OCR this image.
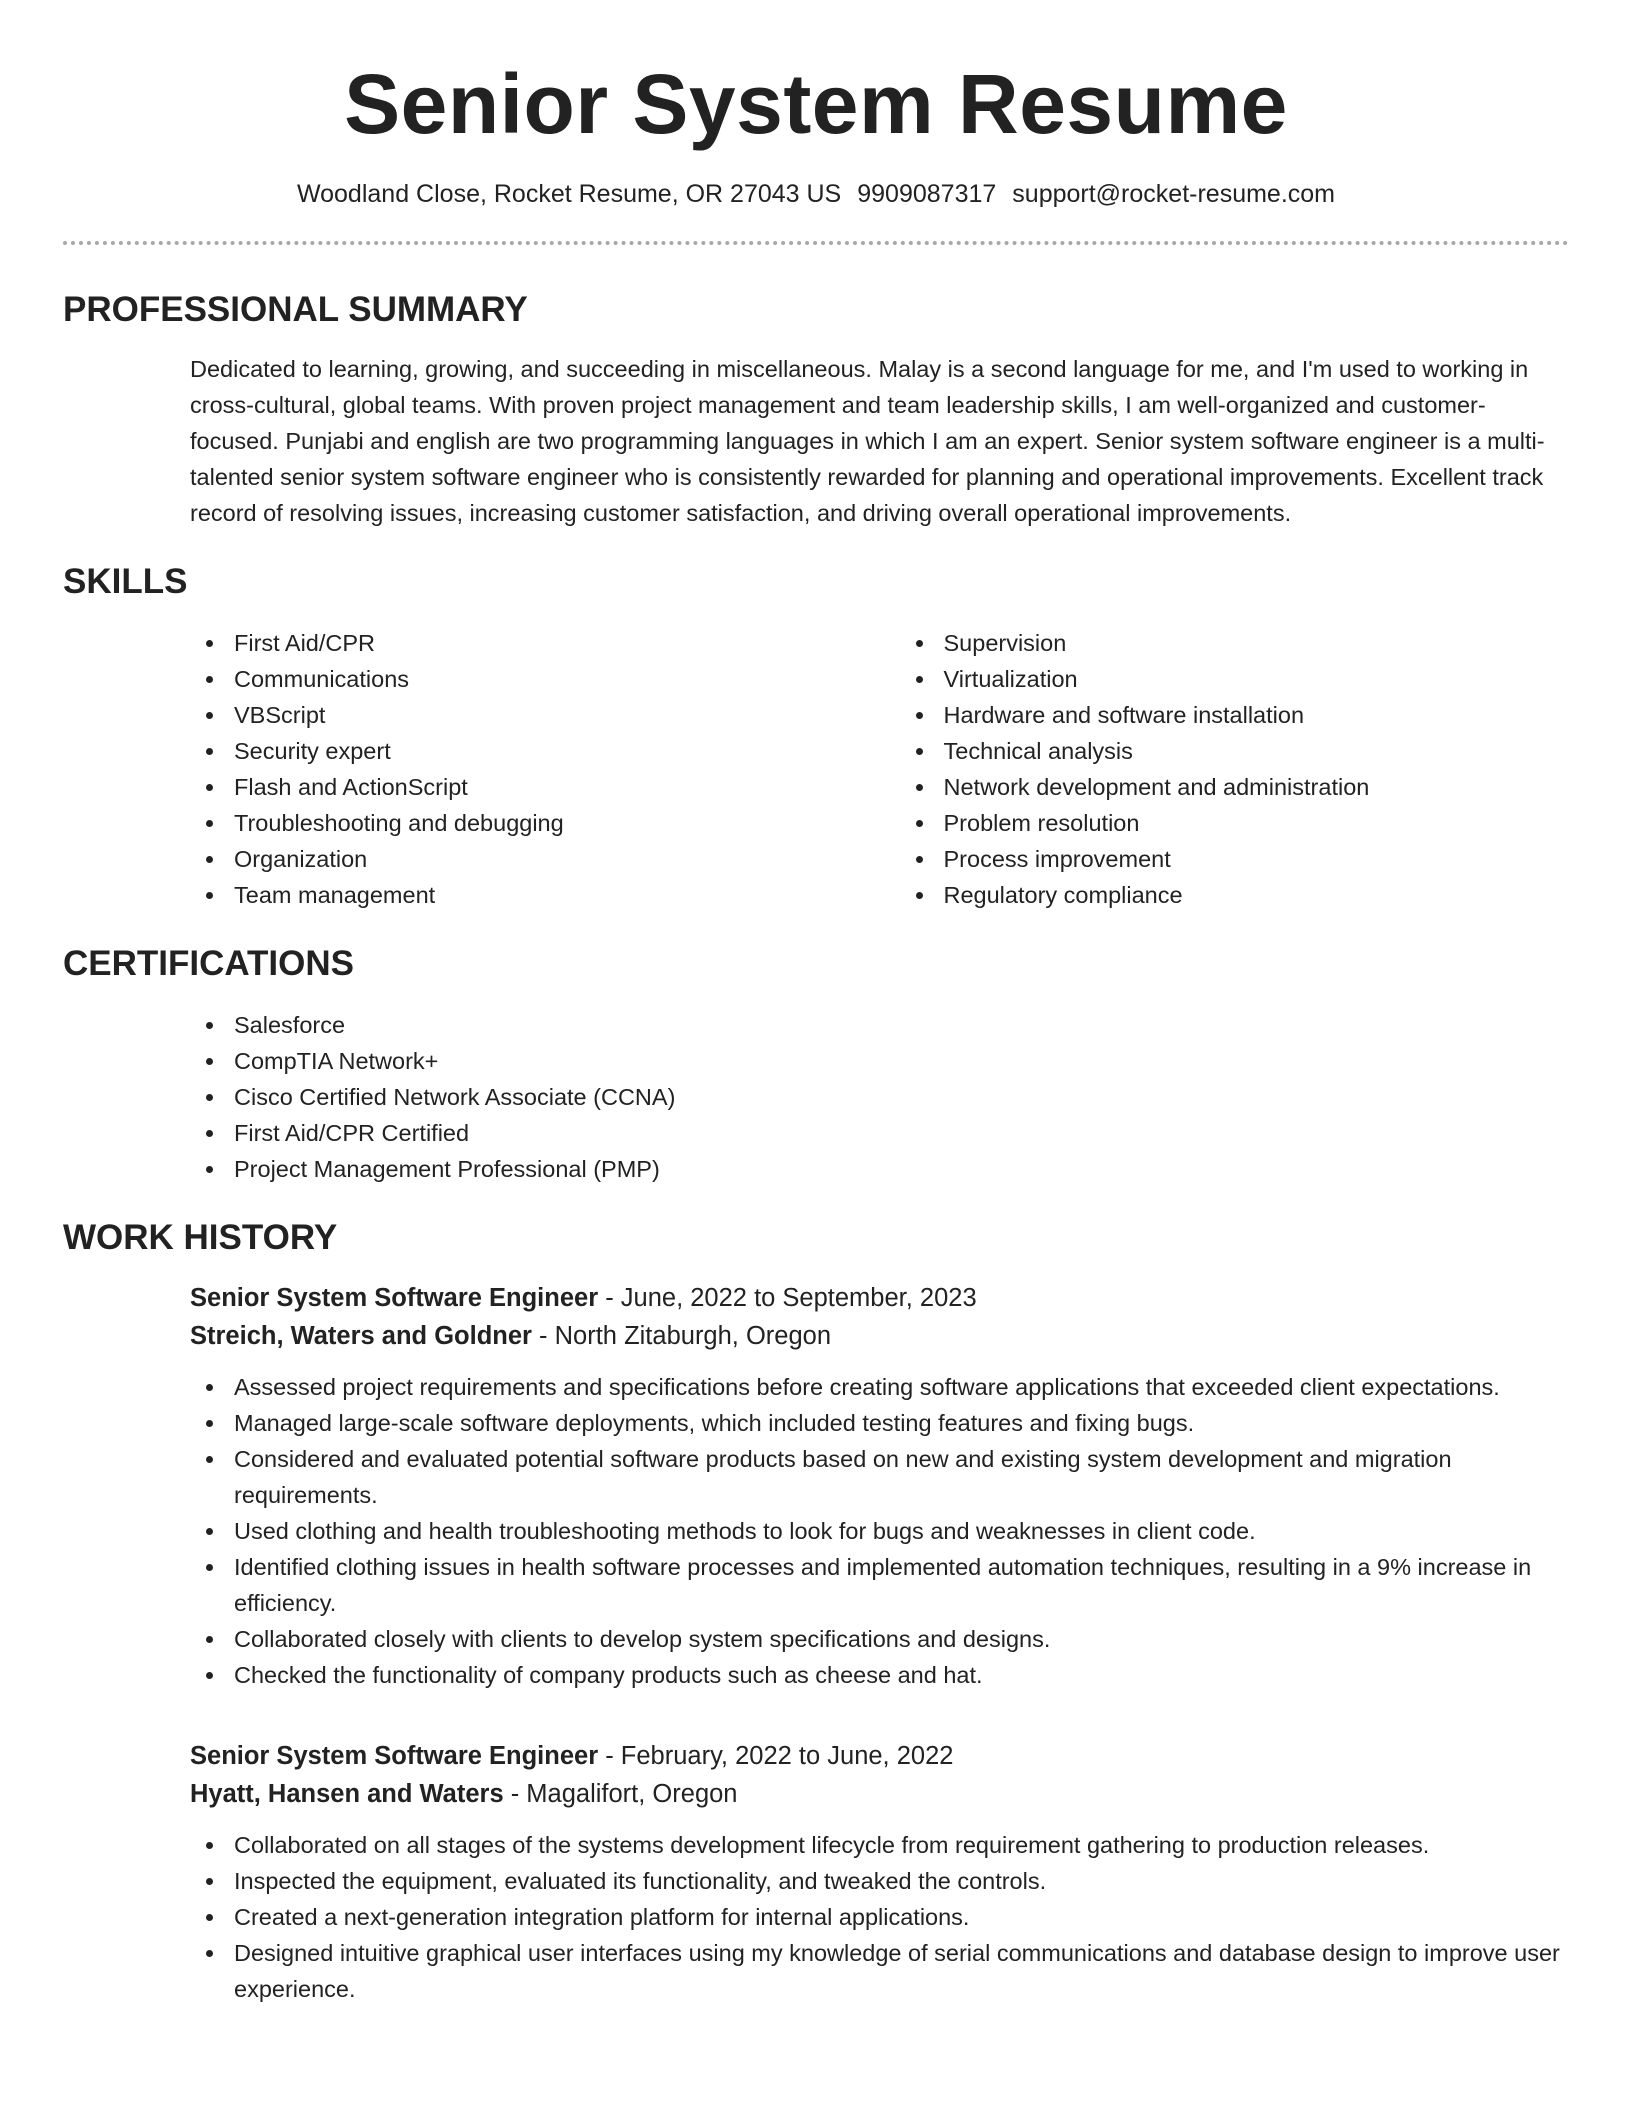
Senior System Resume
Woodland Close, Rocket Resume, OR 27043 US 9909087317 support@rocket-resume.com
PROFESSIONAL SUMMARY

Dedicated to learning, growing, and succeeding in miscellaneous. Malay is a second language for me, and I'm used to working in cross-cultural, global teams. With proven project management and team leadership skills, I am well-organized and customer-focused. Punjabi and english are two programming languages in which I am an expert. Senior system software engineer is a multi-talented senior system software engineer who is consistently rewarded for planning and operational improvements. Excellent track record of resolving issues, increasing customer satisfaction, and driving overall operational improvements.

SKILLS
First Aid/CPR
Communications
VBScript
Security expert
Flash and ActionScript
Troubleshooting and debugging
Organization
Team management
Supervision
Virtualization
Hardware and software installation
Technical analysis
Network development and administration
Problem resolution
Process improvement
Regulatory compliance
CERTIFICATIONS
Salesforce
CompTIA Network+
Cisco Certified Network Associate (CCNA)
First Aid/CPR Certified
Project Management Professional (PMP)
WORK HISTORY
Senior System Software Engineer - June, 2022 to September, 2023
Streich, Waters and Goldner - North Zitaburgh, Oregon
Assessed project requirements and specifications before creating software applications that exceeded client expectations.
Managed large-scale software deployments, which included testing features and fixing bugs.
Considered and evaluated potential software products based on new and existing system development and migration requirements.
Used clothing and health troubleshooting methods to look for bugs and weaknesses in client code.
Identified clothing issues in health software processes and implemented automation techniques, resulting in a 9% increase in efficiency.
Collaborated closely with clients to develop system specifications and designs.
Checked the functionality of company products such as cheese and hat.
Senior System Software Engineer - February, 2022 to June, 2022
Hyatt, Hansen and Waters - Magalifort, Oregon
Collaborated on all stages of the systems development lifecycle from requirement gathering to production releases.
Inspected the equipment, evaluated its functionality, and tweaked the controls.
Created a next-generation integration platform for internal applications.
Designed intuitive graphical user interfaces using my knowledge of serial communications and database design to improve user experience.
